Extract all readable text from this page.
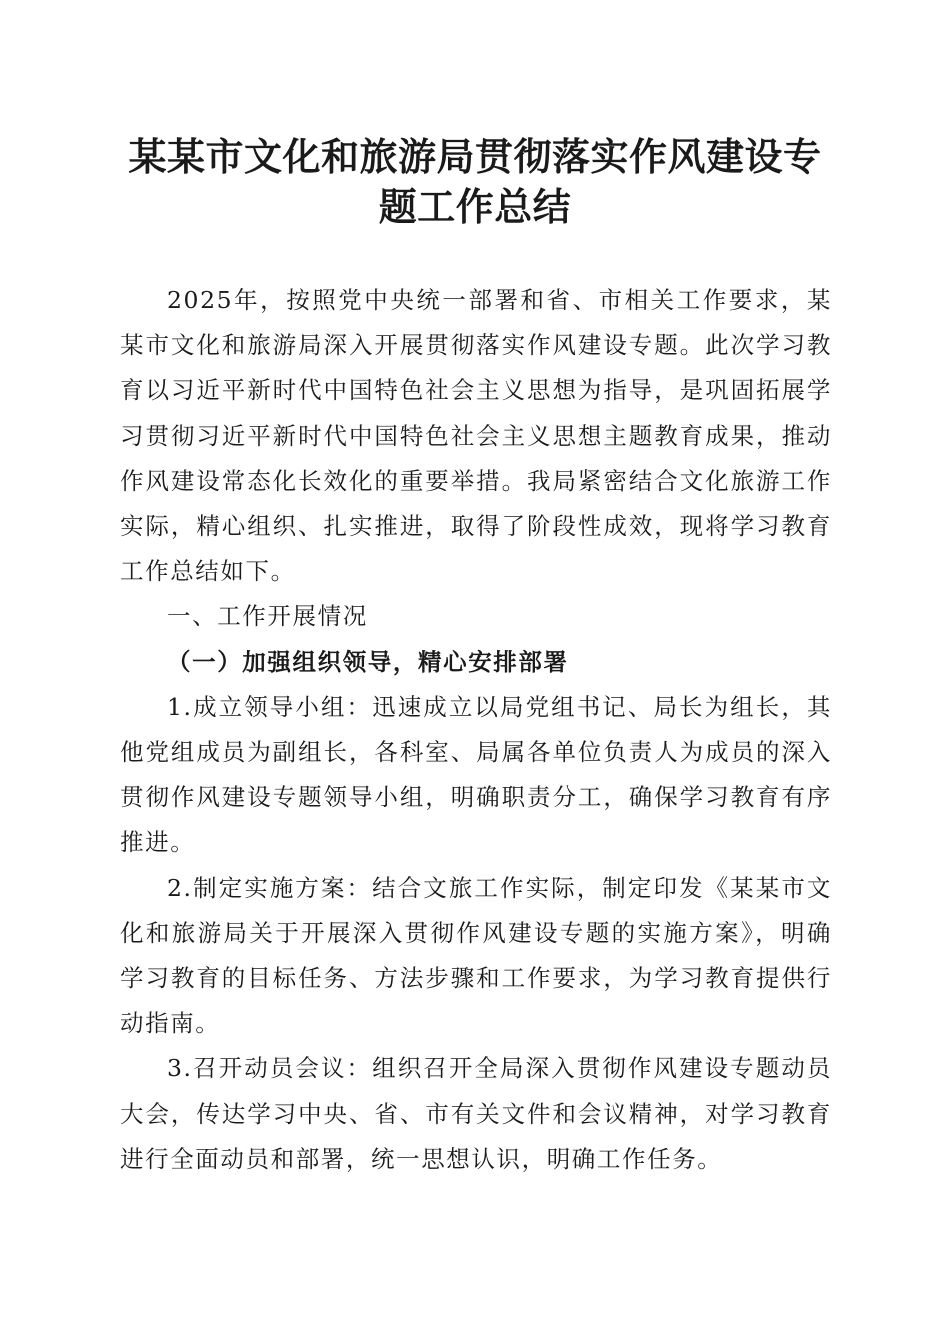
某某市文化和旅游局贯彻落实作风建设专题工作总结

2025年，按照党中央统一部署和省、市相关工作要求，某某市文化和旅游局深入开展贯彻落实作风建设专题。此次学习教育以习近平新时代中国特色社会主义思想为指导，是巩固拓展学习贯彻习近平新时代中国特色社会主义思想主题教育成果，推动作风建设常态化长效化的重要举措。我局紧密结合文化旅游工作实际，精心组织、扎实推进，取得了阶段性成效，现将学习教育工作总结如下。

一、工作开展情况

（一）加强组织领导，精心安排部署

1.成立领导小组：迅速成立以局党组书记、局长为组长，其他党组成员为副组长，各科室、局属各单位负责人为成员的深入贯彻作风建设专题领导小组，明确职责分工，确保学习教育有序推进。

2.制定实施方案：结合文旅工作实际，制定印发《某某市文化和旅游局关于开展深入贯彻作风建设专题的实施方案》，明确学习教育的目标任务、方法步骤和工作要求，为学习教育提供行动指南。

3.召开动员会议：组织召开全局深入贯彻作风建设专题动员大会，传达学习中央、省、市有关文件和会议精神，对学习教育进行全面动员和部署，统一思想认识，明确工作任务。
